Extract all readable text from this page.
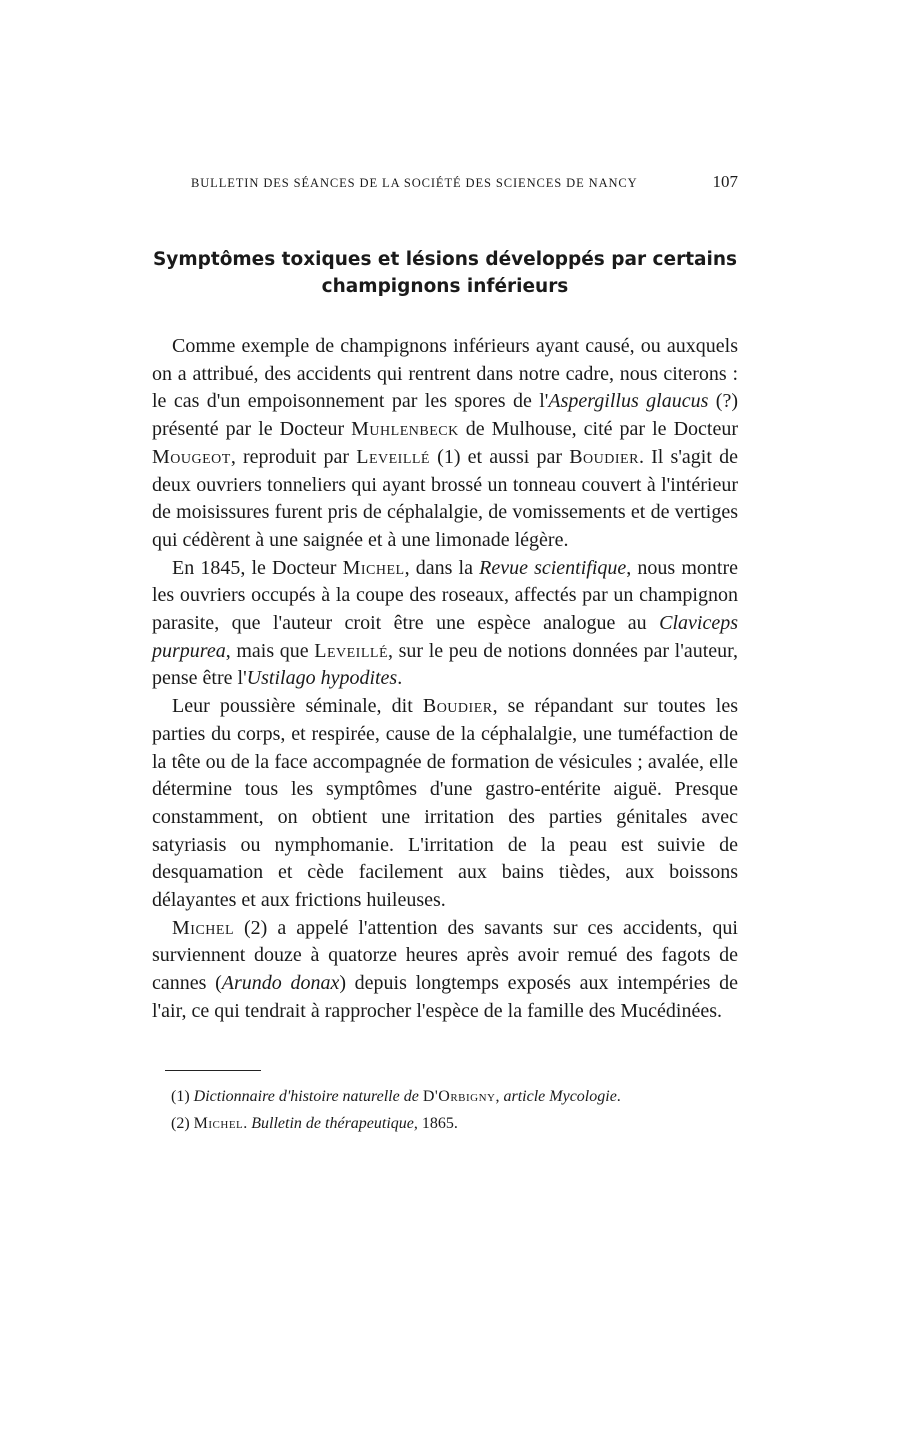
BULLETIN DES SÉANCES DE LA SOCIÉTÉ DES SCIENCES DE NANCY	107
Symptômes toxiques et lésions développés par certains
champignons inférieurs

Comme exemple de champignons inférieurs ayant causé, ou auxquels on a attribué, des accidents qui rentrent dans notre cadre, nous citerons : le cas d'un empoisonnement par les spores de l'Aspergillus glaucus (?) présenté par le Docteur Muhlenbeck de Mulhouse, cité par le Docteur Mougeot, reproduit par Leveillé (1) et aussi par Boudier. Il s'agit de deux ouvriers tonneliers qui ayant brossé un tonneau couvert à l'intérieur de moisissures furent pris de céphalalgie, de vomissements et de vertiges qui cédèrent à une saignée et à une limonade légère.

En 1845, le Docteur Michel, dans la Revue scientifique, nous montre les ouvriers occupés à la coupe des roseaux, affectés par un champignon parasite, que l'auteur croit être une espèce analogue au Claviceps purpurea, mais que Leveillé, sur le peu de notions données par l'auteur, pense être l'Ustilago hypodites.

Leur poussière séminale, dit Boudier, se répandant sur toutes les parties du corps, et respirée, cause de la céphalalgie, une tuméfaction de la tête ou de la face accompagnée de formation de vésicules ; avalée, elle détermine tous les symptômes d'une gastro-entérite aiguë. Presque constamment, on obtient une irritation des parties génitales avec satyriasis ou nymphomanie. L'irritation de la peau est suivie de desquamation et cède facilement aux bains tièdes, aux boissons délayantes et aux frictions huileuses.

Michel (2) a appelé l'attention des savants sur ces accidents, qui surviennent douze à quatorze heures après avoir remué des fagots de cannes (Arundo donax) depuis longtemps exposés aux intempéries de l'air, ce qui tendrait à rapprocher l'espèce de la famille des Mucédinées.

(1) Dictionnaire d'histoire naturelle de D'Orbigny, article Mycologie.

(2) Michel. Bulletin de thérapeutique, 1865.
